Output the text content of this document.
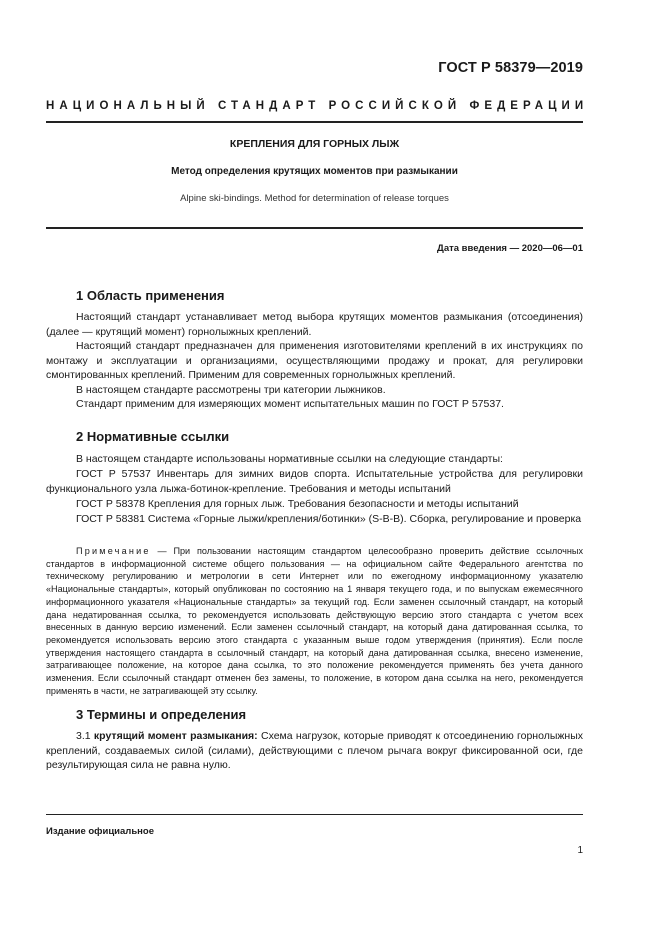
ГОСТ Р 58379—2019
НАЦИОНАЛЬНЫЙ СТАНДАРТ РОССИЙСКОЙ ФЕДЕРАЦИИ
КРЕПЛЕНИЯ ДЛЯ ГОРНЫХ ЛЫЖ
Метод определения крутящих моментов при размыкании
Alpine ski-bindings. Method for determination of release torques
Дата введения — 2020—06—01
1 Область применения
Настоящий стандарт устанавливает метод выбора крутящих моментов размыкания (отсоединения) (далее — крутящий момент) горнолыжных креплений.
Настоящий стандарт предназначен для применения изготовителями креплений в их инструкциях по монтажу и эксплуатации и организациями, осуществляющими продажу и прокат, для регулировки смонтированных креплений. Применим для современных горнолыжных креплений.
В настоящем стандарте рассмотрены три категории лыжников.
Стандарт применим для измеряющих момент испытательных машин по ГОСТ Р 57537.
2 Нормативные ссылки
В настоящем стандарте использованы нормативные ссылки на следующие стандарты:
ГОСТ Р 57537 Инвентарь для зимних видов спорта. Испытательные устройства для регулировки функционального узла лыжа-ботинок-крепление. Требования и методы испытаний
ГОСТ Р 58378 Крепления для горных лыж. Требования безопасности и методы испытаний
ГОСТ Р 58381 Система «Горные лыжи/крепления/ботинки» (S-B-B). Сборка, регулирование и проверка
Примечание — При пользовании настоящим стандартом целесообразно проверить действие ссылочных стандартов в информационной системе общего пользования — на официальном сайте Федерального агентства по техническому регулированию и метрологии в сети Интернет или по ежегодному информационному указателю «Национальные стандарты», который опубликован по состоянию на 1 января текущего года, и по выпускам ежемесячного информационного указателя «Национальные стандарты» за текущий год. Если заменен ссылочный стандарт, на который дана недатированная ссылка, то рекомендуется использовать действующую версию этого стандарта с учетом всех внесенных в данную версию изменений. Если заменен ссылочный стандарт, на который дана датированная ссылка, то рекомендуется использовать версию этого стандарта с указанным выше годом утверждения (принятия). Если после утверждения настоящего стандарта в ссылочный стандарт, на который дана датированная ссылка, внесено изменение, затрагивающее положение, на которое дана ссылка, то это положение рекомендуется применять без учета данного изменения. Если ссылочный стандарт отменен без замены, то положение, в котором дана ссылка на него, рекомендуется применять в части, не затрагивающей эту ссылку.
3 Термины и определения
3.1 крутящий момент размыкания: Схема нагрузок, которые приводят к отсоединению горнолыжных креплений, создаваемых силой (силами), действующими с плечом рычага вокруг фиксированной оси, где результирующая сила не равна нулю.
Издание официальное
1
